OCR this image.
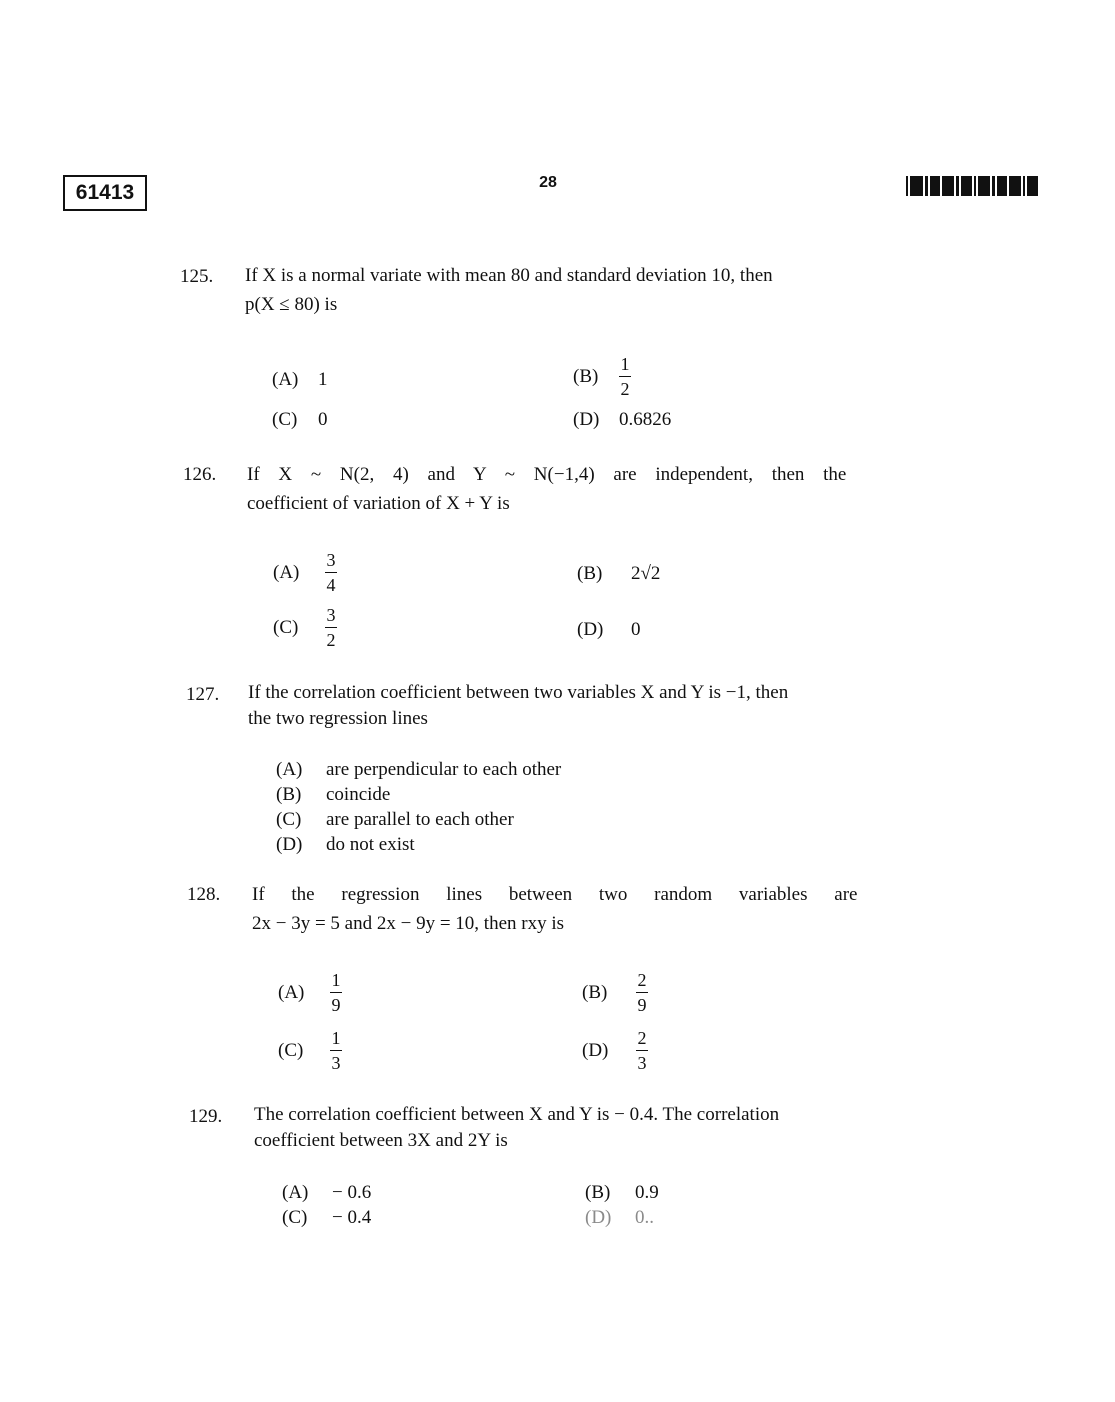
61413	28
125. If X is a normal variate with mean 80 and standard deviation 10, then
p(X ≤ 80) is
(A) 1	(B)	$\frac{1}{2}$
(C) 0	(D) 0.6826
126. If X ~ N(2, 4) and Y ~ N(−1,4) are independent, then the
coefficient of variation of X + Y is
(A)	$\frac{3}{4}$	(B) 2√2
(C)	$\frac{3}{2}$	(D) 0
127. If the correlation coefficient between two variables X and Y is −1, then
the two regression lines
(A) are perpendicular to each other
(B) coincide
(C) are parallel to each other
(D) do not exist
128. If the regression lines between two random variables are
2x − 3y = 5 and 2x − 9y = 10, then rxy is
(A)	$\frac{1}{9}$	(B)	$\frac{2}{9}$
(C)	$\frac{1}{3}$	(D)	$\frac{2}{3}$
129. The correlation coefficient between X and Y is − 0.4. The correlation
coefficient between 3X and 2Y is
(A) − 0.6	(B) 0.9
(C) − 0.4	(D) 0..
